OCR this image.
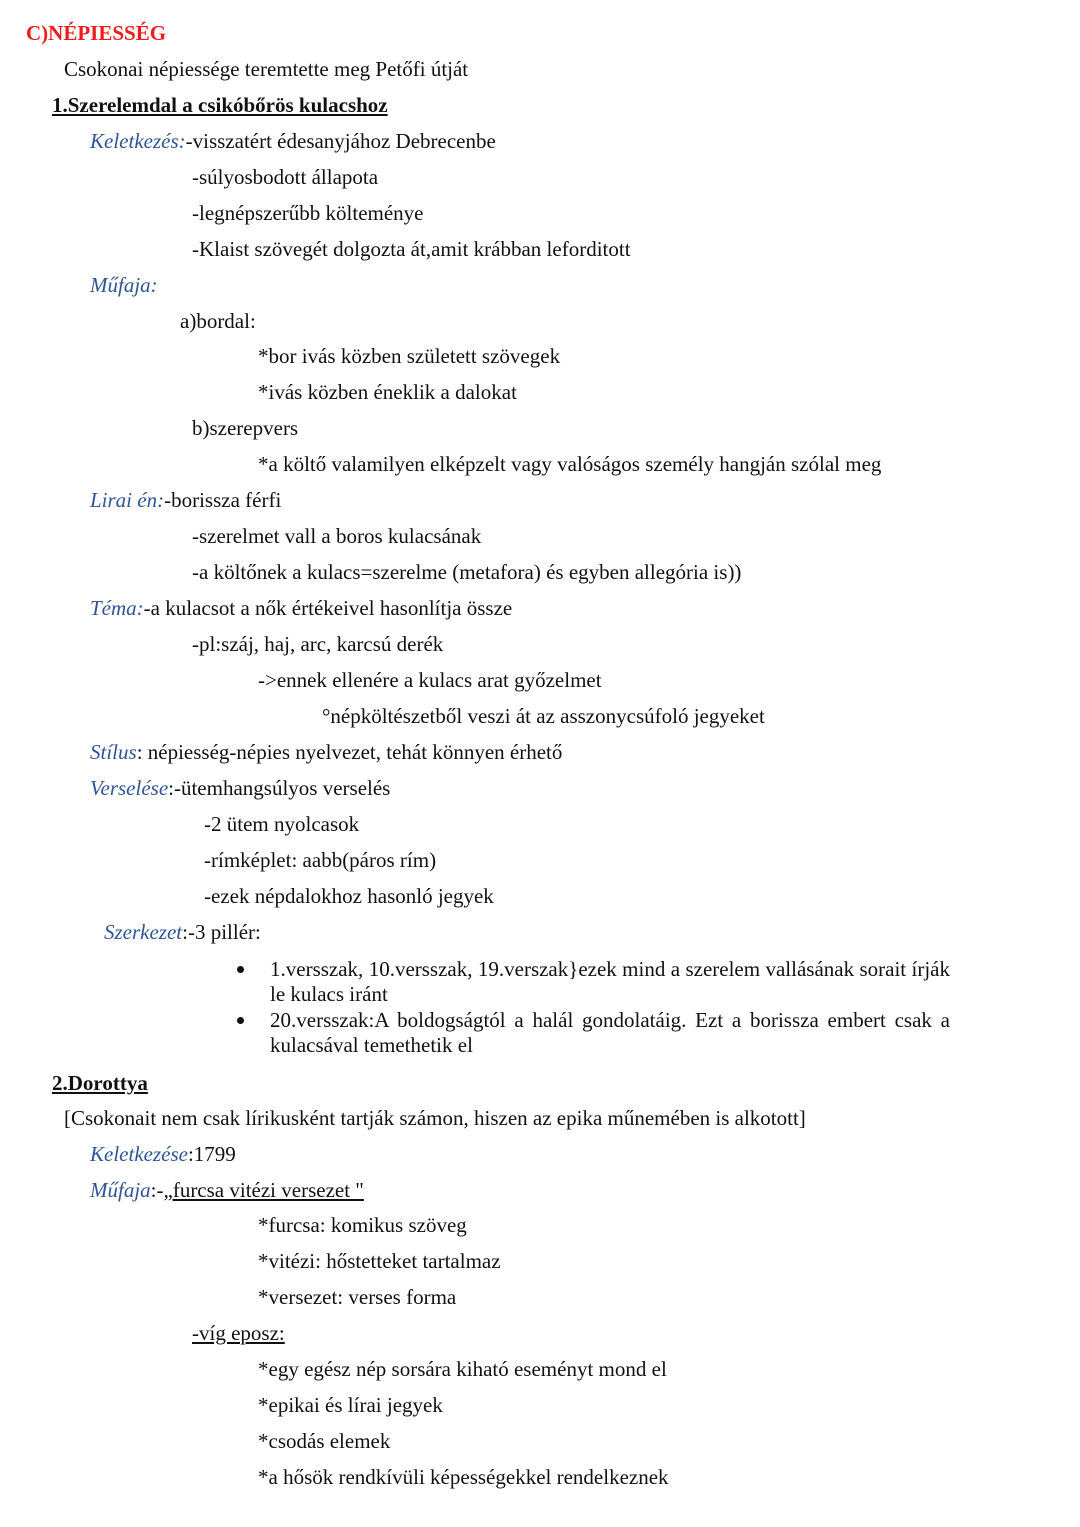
C)NÉPIESSÉG
Csokonai népiessége teremtette meg Petőfi útját
1.Szerelemdal a csikóbőrös kulacshoz
Keletkezés:-visszatért édesanyjához Debrecenbe
-súlyosbodott állapota
-legnépszerűbb költeménye
-Klaist szövegét dolgozta át,amit krábban leforditott
Műfaja:
a)bordal:
*bor ivás közben született szövegek
*ivás közben éneklik a dalokat
b)szerepvers
*a költő valamilyen elképzelt vagy valóságos személy hangján szólal meg
Lirai én:-borissza férfi
-szerelmet vall a boros kulacsának
-a költőnek a kulacs=szerelme (metafora) és egyben allegória is))
Téma:-a kulacsot a nők értékeivel hasonlítja össze
-pl:száj, haj, arc, karcsú derék
->ennek ellenére a kulacs arat győzelmet
°népköltészetből veszi át az asszonycsúfoló jegyeket
Stílus: népiesség-népies nyelvezet, tehát könnyen érhető
Verselése:-ütemhangsúlyos verselés
-2 ütem nyolcasok
-rímképlet: aabb(páros rím)
-ezek népdalokhoz hasonló jegyek
Szerkezet:-3 pillér:
1.versszak, 10.versszak, 19.verszak}ezek mind a szerelem vallásának sorait írják le kulacs iránt
20.versszak:A boldogságtól a halál gondolatáig. Ezt a borissza embert csak a kulacsával temethetik el
2.Dorottya
[Csokonait nem csak lírikusként tartják számon, hiszen az epika műnemében is alkotott]
Keletkezése:1799
Műfaja:-„furcsa vitézi versezet "
*furcsa: komikus szöveg
*vitézi: hőstetteket tartalmaz
*versezet: verses forma
-víg eposz:
*egy egész nép sorsára kiható eseményt mond el
*epikai és lírai jegyek
*csodás elemek
*a hősök rendkívüli képességekkel rendelkeznek
